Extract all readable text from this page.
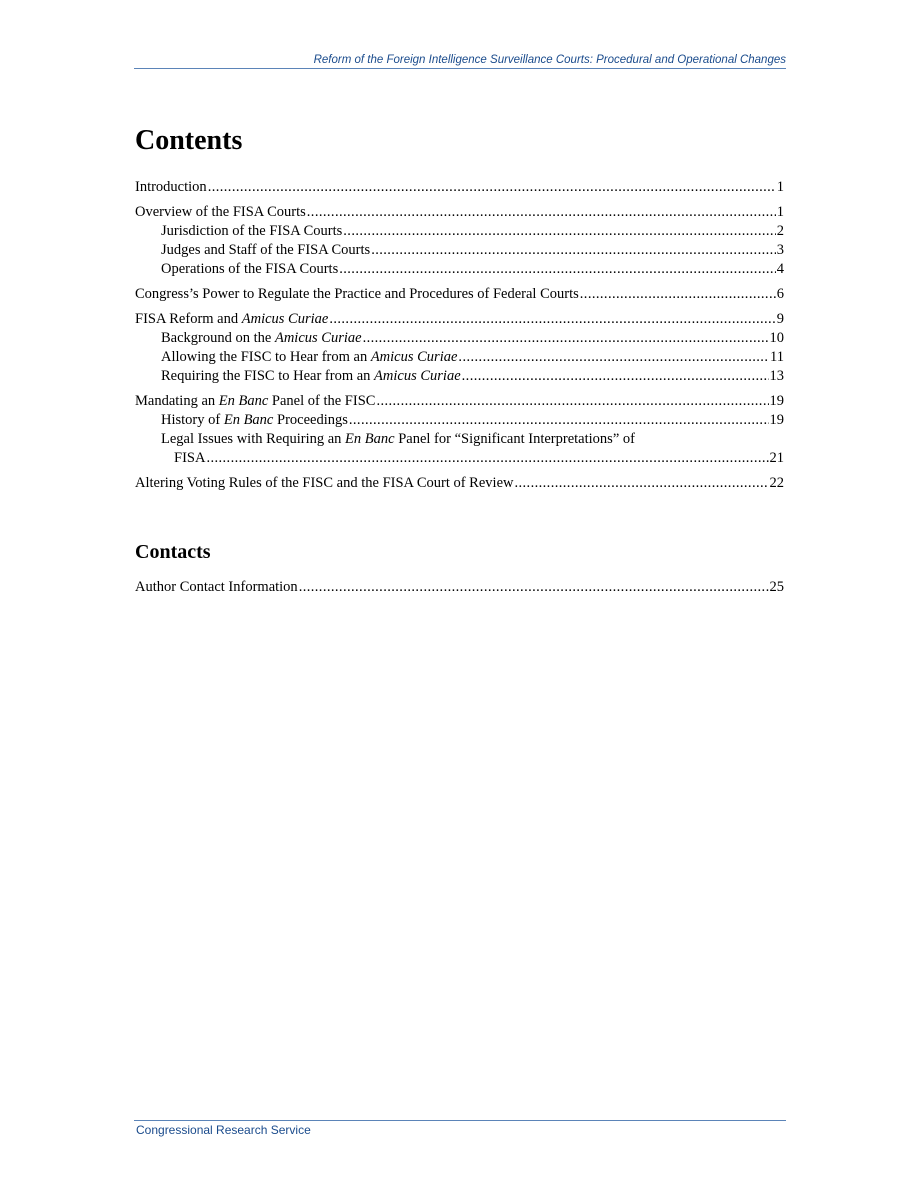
Reform of the Foreign Intelligence Surveillance Courts: Procedural and Operational Changes
Contents
Introduction .....	1
Overview of the FISA Courts .....	1
Jurisdiction of the FISA Courts .....	2
Judges and Staff of the FISA Courts .....	3
Operations of the FISA Courts .....	4
Congress’s Power to Regulate the Practice and Procedures of Federal Courts .....	6
FISA Reform and Amicus Curiae .....	9
Background on the Amicus Curiae .....	10
Allowing the FISC to Hear from an Amicus Curiae .....	11
Requiring the FISC to Hear from an Amicus Curiae .....	13
Mandating an En Banc Panel of the FISC .....	19
History of En Banc Proceedings .....	19
Legal Issues with Requiring an En Banc Panel for “Significant Interpretations” of
FISA .....	21
Altering Voting Rules of the FISC and the FISA Court of Review .....	22
Contacts
Author Contact Information .....	25
Congressional Research Service
